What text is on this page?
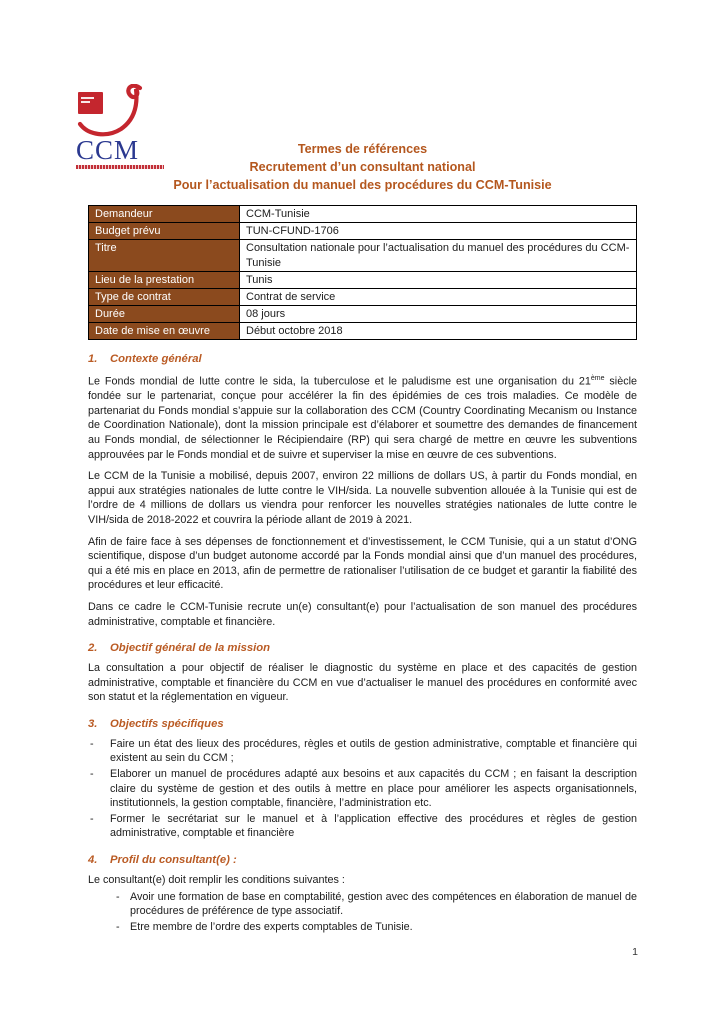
CCM	Termes de références
Recrutement d’un consultant national
Pour l’actualisation du manuel des procédures du CCM-Tunisie
Demandeur	CCM-Tunisie
Budget prévu	TUN-CFUND-1706
Titre	Consultation nationale pour l’actualisation du manuel des procédures du CCM-Tunisie
Lieu de la prestation	Tunis
Type de contrat	Contrat de service
Durée	08 jours
Date de mise en œuvre	Début octobre 2018
1. Contexte général

Le Fonds mondial de lutte contre le sida, la tuberculose et le paludisme est une organisation du 21ème siècle fondée sur le partenariat, conçue pour accélérer la fin des épidémies de ces trois maladies. Ce modèle de partenariat du Fonds mondial s’appuie sur la collaboration des CCM (Country Coordinating Mecanism ou Instance de Coordination Nationale), dont la mission principale est d’élaborer et soumettre des demandes de financement au Fonds mondial, de sélectionner le Récipiendaire (RP) qui sera chargé de mettre en œuvre les subventions approuvées par le Fonds mondial et de suivre et superviser la mise en œuvre de ces subventions.

Le CCM de la Tunisie a mobilisé, depuis 2007, environ 22 millions de dollars US, à partir du Fonds mondial, en appui aux stratégies nationales de lutte contre le VIH/sida. La nouvelle subvention allouée à la Tunisie qui est de l’ordre de 4 millions de dollars us viendra pour renforcer les nouvelles stratégies nationales de lutte contre le VIH/sida de 2018-2022 et couvrira la période allant de 2019 à 2021.

Afin de faire face à ses dépenses de fonctionnement et d’investissement, le CCM Tunisie, qui a un statut d’ONG scientifique, dispose d’un budget autonome accordé par la Fonds mondial ainsi que d’un manuel des procédures, qui a été mis en place en 2013, afin de permettre de rationaliser l’utilisation de ce budget et garantir la fiabilité des procédures et leur efficacité.

Dans ce cadre le CCM-Tunisie recrute un(e) consultant(e) pour l’actualisation de son manuel des procédures administrative, comptable et financière.

2. Objectif général de la mission

La consultation a pour objectif de réaliser le diagnostic du système en place et des capacités de gestion administrative, comptable et financière du CCM en vue d’actualiser le manuel des procédures en conformité avec son statut et la réglementation en vigueur.

3. Objectifs spécifiques
- Faire un état des lieux des procédures, règles et outils de gestion administrative, comptable et financière qui existent au sein du CCM ;
- Elaborer un manuel de procédures adapté aux besoins et aux capacités du CCM ; en faisant la description claire du système de gestion et des outils à mettre en place pour améliorer les aspects organisationnels, institutionnels, la gestion comptable, financière, l’administration etc.
- Former le secrétariat sur le manuel et à l’application effective des procédures et règles de gestion administrative, comptable et financière
4. Profil du consultant(e) :

Le consultant(e) doit remplir les conditions suivantes :

- Avoir une formation de base en comptabilité, gestion avec des compétences en élaboration de manuel de procédures de préférence de type associatif.
- Etre membre de l’ordre des experts comptables de Tunisie.
1
